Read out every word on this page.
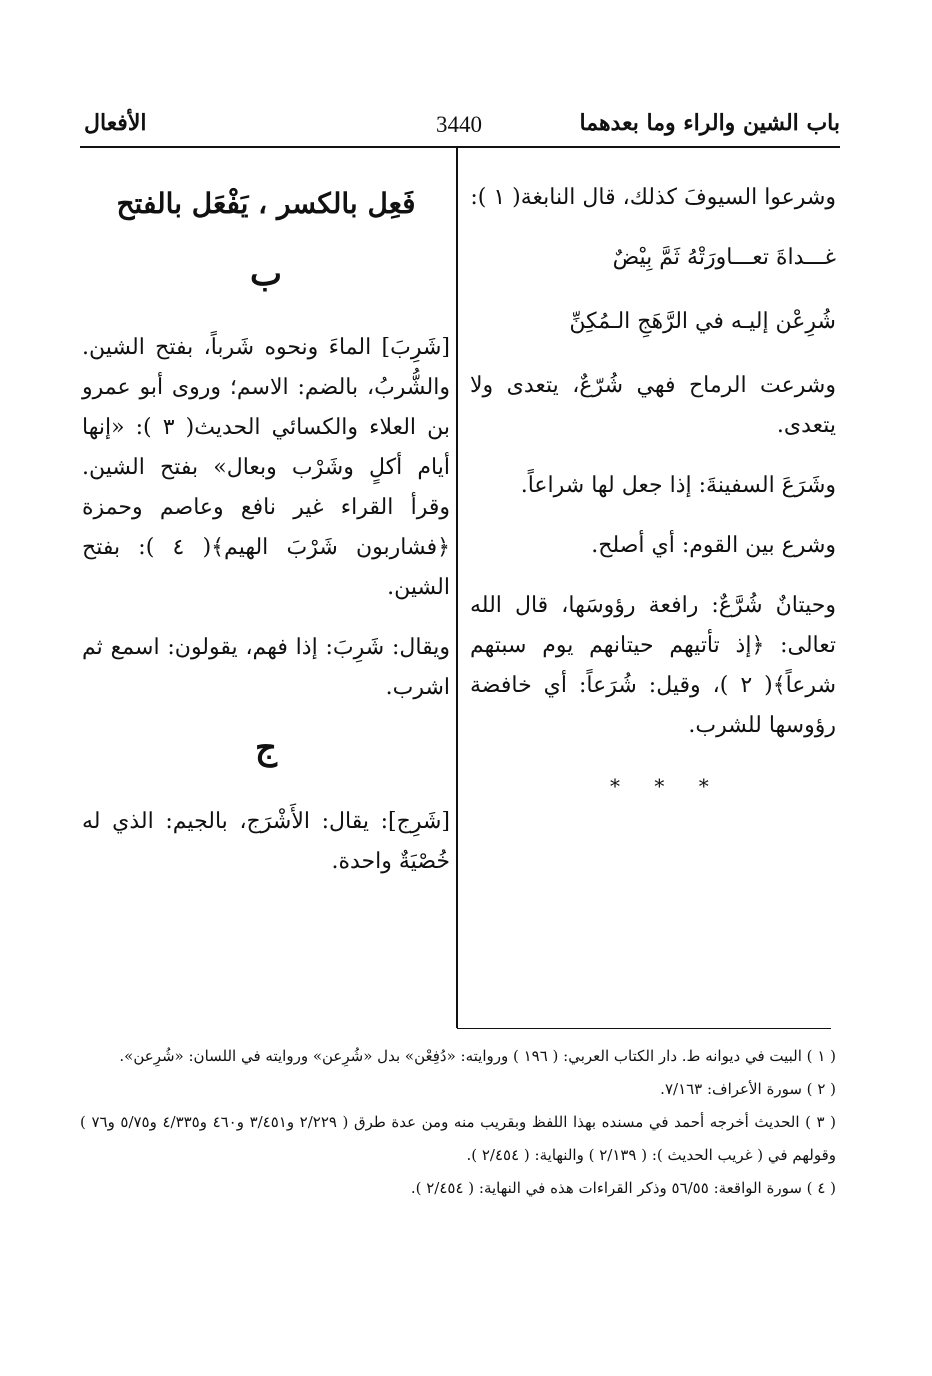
باب الشين والراء وما بعدهما
3440
الأفعال

وشرعوا السيوفَ كذلك، قال النابغة( ١ ):

غـــداةَ تعـــاورَتْهُ ثَمَّ بِيْضٌ

شُرِعْن إليـه في الرَّهَجِ الـمُكِنِّ

وشرعت الرماح فهي شُرّعٌ، يتعدى ولا يتعدى.

وشَرَعَ السفينةَ: إذا جعل لها شراعاً.

وشرع بين القوم: أي أصلح.

وحيتانٌ شُرَّعٌ: رافعة رؤوسَها، قال الله تعالى: ﴿إذ تأتيهم حيتانهم يوم سبتهم شرعاً﴾( ٢ )، وقيل: شُرَعاً: أي خافضة رؤوسها للشرب.

* * *

فَعِل بالكسر ، يَفْعَل بالفتح

ب

[شَرِبَ] الماءَ ونحوه شَرباً، بفتح الشين. والشُّربُ، بالضم: الاسم؛ وروى أبو عمرو بن العلاء والكسائي الحديث( ٣ ): «إنها أيام أكلٍ وشَرْب وبعال» بفتح الشين. وقرأ القراء غير نافع وعاصم وحمزة ﴿فشاربون شَرْبَ الهيم﴾( ٤ ): بفتح الشين.

ويقال: شَرِبَ: إذا فهم، يقولون: اسمع ثم اشرب.

ج

[شَرِج]: يقال: الأَشْرَج، بالجيم: الذي له خُصْيَةٌ واحدة.

( ١ ) البيت في ديوانه ط. دار الكتاب العربي: ( ١٩٦ ) وروايته: «دُفِعْن» بدل «شُرِعن» وروايته في اللسان: «شُرِعن».

( ٢ ) سورة الأعراف: ٧/١٦٣.

( ٣ ) الحديث أخرجه أحمد في مسنده بهذا اللفظ وبقريب منه ومن عدة طرق ( ٢/٢٢٩ و٣/٤٥١ و٤٦٠ و٤/٣٣٥ و٥/٧٥ و٧٦ ) وقولهم في ( غريب الحديث ): ( ٢/١٣٩ ) والنهاية: ( ٢/٤٥٤ ).

( ٤ ) سورة الواقعة: ٥٦/٥٥ وذكر القراءات هذه في النهاية: ( ٢/٤٥٤ ).
